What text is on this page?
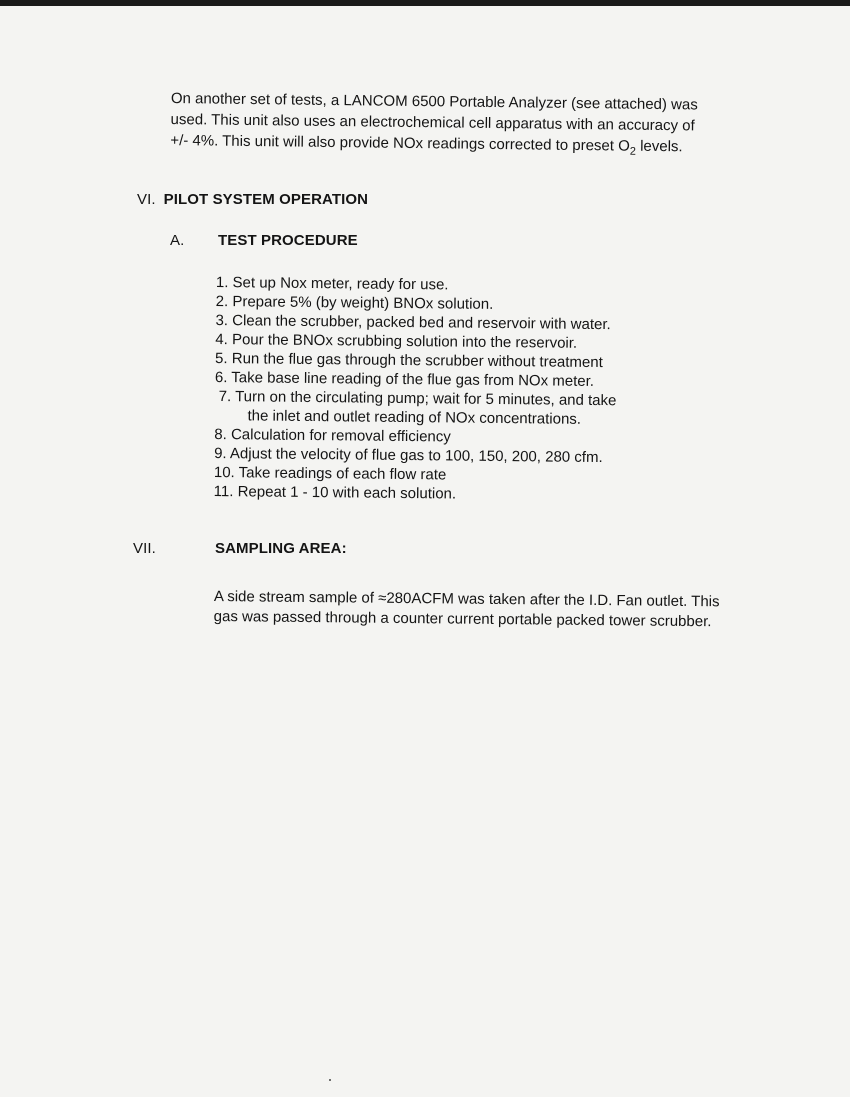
On another set of tests, a LANCOM 6500 Portable Analyzer (see attached) was used. This unit also uses an electrochemical cell apparatus with an accuracy of +/- 4%. This unit will also provide NOx readings corrected to preset $O_2$ levels.

VI. PILOT SYSTEM OPERATION
A. TEST PROCEDURE
1. Set up Nox meter, ready for use.
2. Prepare 5% (by weight) BNOx solution.
3. Clean the scrubber, packed bed and reservoir with water.
4. Pour the BNOx scrubbing solution into the reservoir.
5. Run the flue gas through the scrubber without treatment
6. Take base line reading of the flue gas from NOx meter.
7. Turn on the circulating pump; wait for 5 minutes, and take
the inlet and outlet reading of NOx concentrations.
8. Calculation for removal efficiency
9. Adjust the velocity of flue gas to 100, 150, 200, 280 cfm.
10. Take readings of each flow rate
11. Repeat 1 - 10 with each solution.
VII.	SAMPLING AREA:

A side stream sample of ≈280ACFM was taken after the I.D. Fan outlet. This gas was passed through a counter current portable packed tower scrubber.
